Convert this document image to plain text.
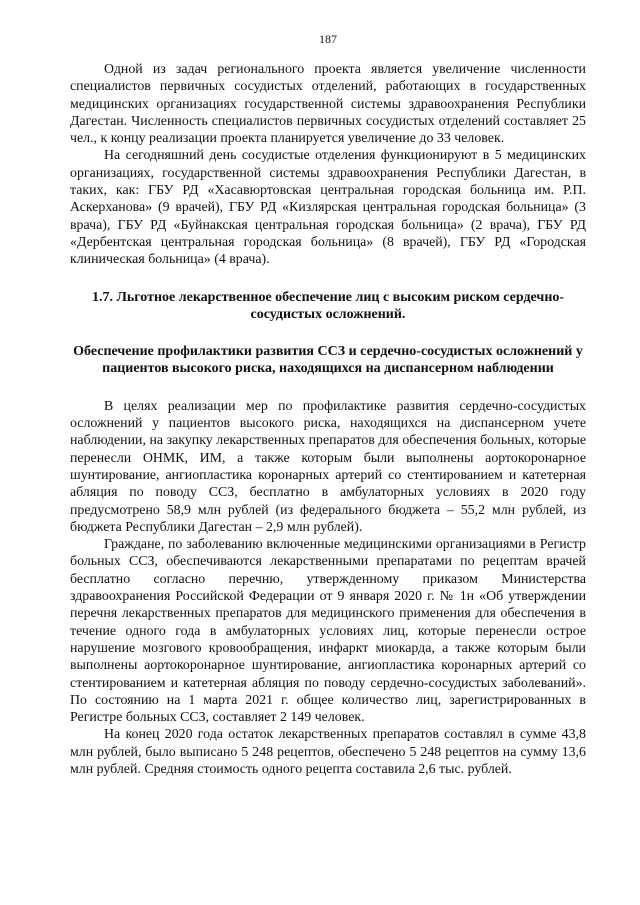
187

Одной из задач регионального проекта является увеличение численности специалистов первичных сосудистых отделений, работающих в государственных медицинских организациях государственной системы здравоохранения Республики Дагестан. Численность специалистов первичных сосудистых отделений составляет 25 чел., к концу реализации проекта планируется увеличение до 33 человек.

На сегодняшний день сосудистые отделения функционируют в 5 медицинских организациях, государственной системы здравоохранения Республики Дагестан, в таких, как: ГБУ РД «Хасавюртовская центральная городская больница им. Р.П. Аскерханова» (9 врачей), ГБУ РД «Кизлярская центральная городская больница» (3 врача), ГБУ РД «Буйнакская центральная городская больница» (2 врача), ГБУ РД «Дербентская центральная городская больница» (8 врачей), ГБУ РД «Городская клиническая больница» (4 врача).

1.7. Льготное лекарственное обеспечение лиц с высоким риском сердечно-сосудистых осложнений.
Обеспечение профилактики развития ССЗ и сердечно-сосудистых осложнений у пациентов высокого риска, находящихся на диспансерном наблюдении

В целях реализации мер по профилактике развития сердечно-сосудистых осложнений у пациентов высокого риска, находящихся на диспансерном учете наблюдении, на закупку лекарственных препаратов для обеспечения больных, которые перенесли ОНМК, ИМ, а также которым были выполнены аортокоронарное шунтирование, ангиопластика коронарных артерий со стентированием и катетерная абляция по поводу ССЗ, бесплатно в амбулаторных условиях в 2020 году предусмотрено 58,9 млн рублей (из федерального бюджета – 55,2 млн рублей, из бюджета Республики Дагестан – 2,9 млн рублей).

Граждане, по заболеванию включенные медицинскими организациями в Регистр больных ССЗ, обеспечиваются лекарственными препаратами по рецептам врачей бесплатно согласно перечню, утвержденному приказом Министерства здравоохранения Российской Федерации от 9 января 2020 г. № 1н «Об утверждении перечня лекарственных препаратов для медицинского применения для обеспечения в течение одного года в амбулаторных условиях лиц, которые перенесли острое нарушение мозгового кровообращения, инфаркт миокарда, а также которым были выполнены аортокоронарное шунтирование, ангиопластика коронарных артерий со стентированием и катетерная абляция по поводу сердечно-сосудистых заболеваний». По состоянию на 1 марта 2021 г. общее количество лиц, зарегистрированных в Регистре больных ССЗ, составляет 2 149 человек.

На конец 2020 года остаток лекарственных препаратов составлял в сумме 43,8 млн рублей, было выписано 5 248 рецептов, обеспечено 5 248 рецептов на сумму 13,6 млн рублей. Средняя стоимость одного рецепта составила 2,6 тыс. рублей.
